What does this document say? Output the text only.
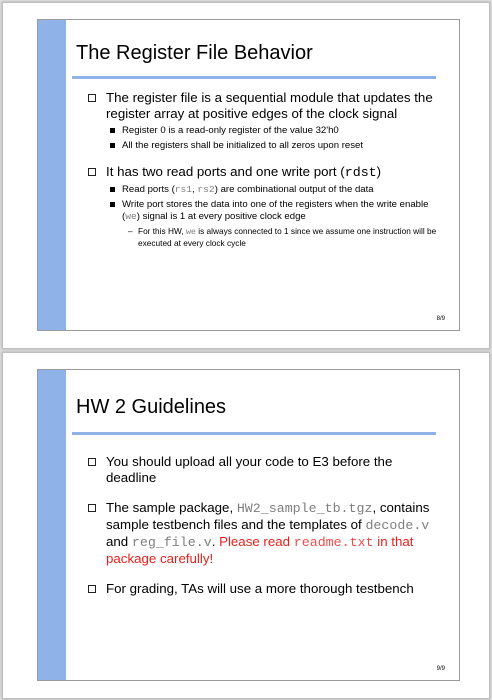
The Register File Behavior

The register file is a sequential module that updates the register array at positive edges of the clock signal

Register 0 is a read-only register of the value 32'h0

All the registers shall be initialized to all zeros upon reset

It has two read ports and one write port (rdst)

Read ports (rs1, rs2) are combinational output of the data

Write port stores the data into one of the registers when the write enable (we) signal is 1 at every positive clock edge

– For this HW, we is always connected to 1 since we assume one instruction will be executed at every clock cycle

8/9
HW 2 Guidelines

You should upload all your code to E3 before the deadline

The sample package, HW2_sample_tb.tgz, contains sample testbench files and the templates of decode.v and reg_file.v. Please read readme.txt in that package carefully!

For grading, TAs will use a more thorough testbench

9/9
